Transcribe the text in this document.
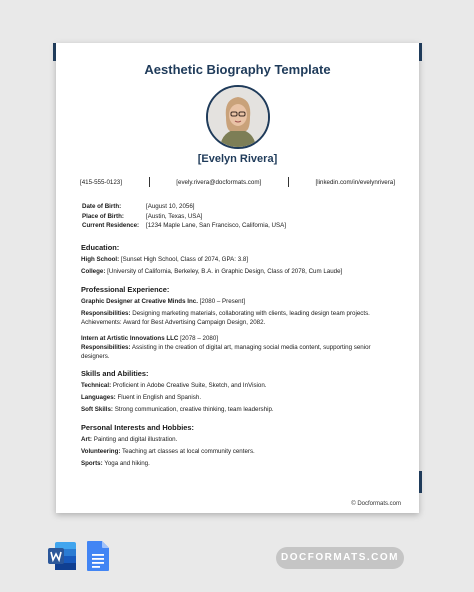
Aesthetic Biography Template
[Evelyn Rivera]
[415-555-0123]	[evely.rivera@docformats.com]	[linkedin.com/in/evelynrivera]
Date of Birth:	[August 10, 2056]
Place of Birth:	[Austin, Texas, USA]
Current Residence:	[1234 Maple Lane, San Francisco, California, USA]
Education:

High School: [Sunset High School, Class of 2074, GPA: 3.8]

College: [University of California, Berkeley, B.A. in Graphic Design, Class of 2078, Cum Laude]

Professional Experience:

Graphic Designer at Creative Minds Inc. [2080 – Present]

Responsibilities: Designing marketing materials, collaborating with clients, leading design team projects.

Achievements: Award for Best Advertising Campaign Design, 2082.

Intern at Artistic Innovations LLC [2078 – 2080]

Responsibilities: Assisting in the creation of digital art, managing social media content, supporting senior designers.

Skills and Abilities:

Technical: Proficient in Adobe Creative Suite, Sketch, and InVision.

Languages: Fluent in English and Spanish.

Soft Skills: Strong communication, creative thinking, team leadership.

Personal Interests and Hobbies:

Art: Painting and digital illustration.

Volunteering: Teaching art classes at local community centers.

Sports: Yoga and hiking.

© Docformats.com
DOCFORMATS.COM
